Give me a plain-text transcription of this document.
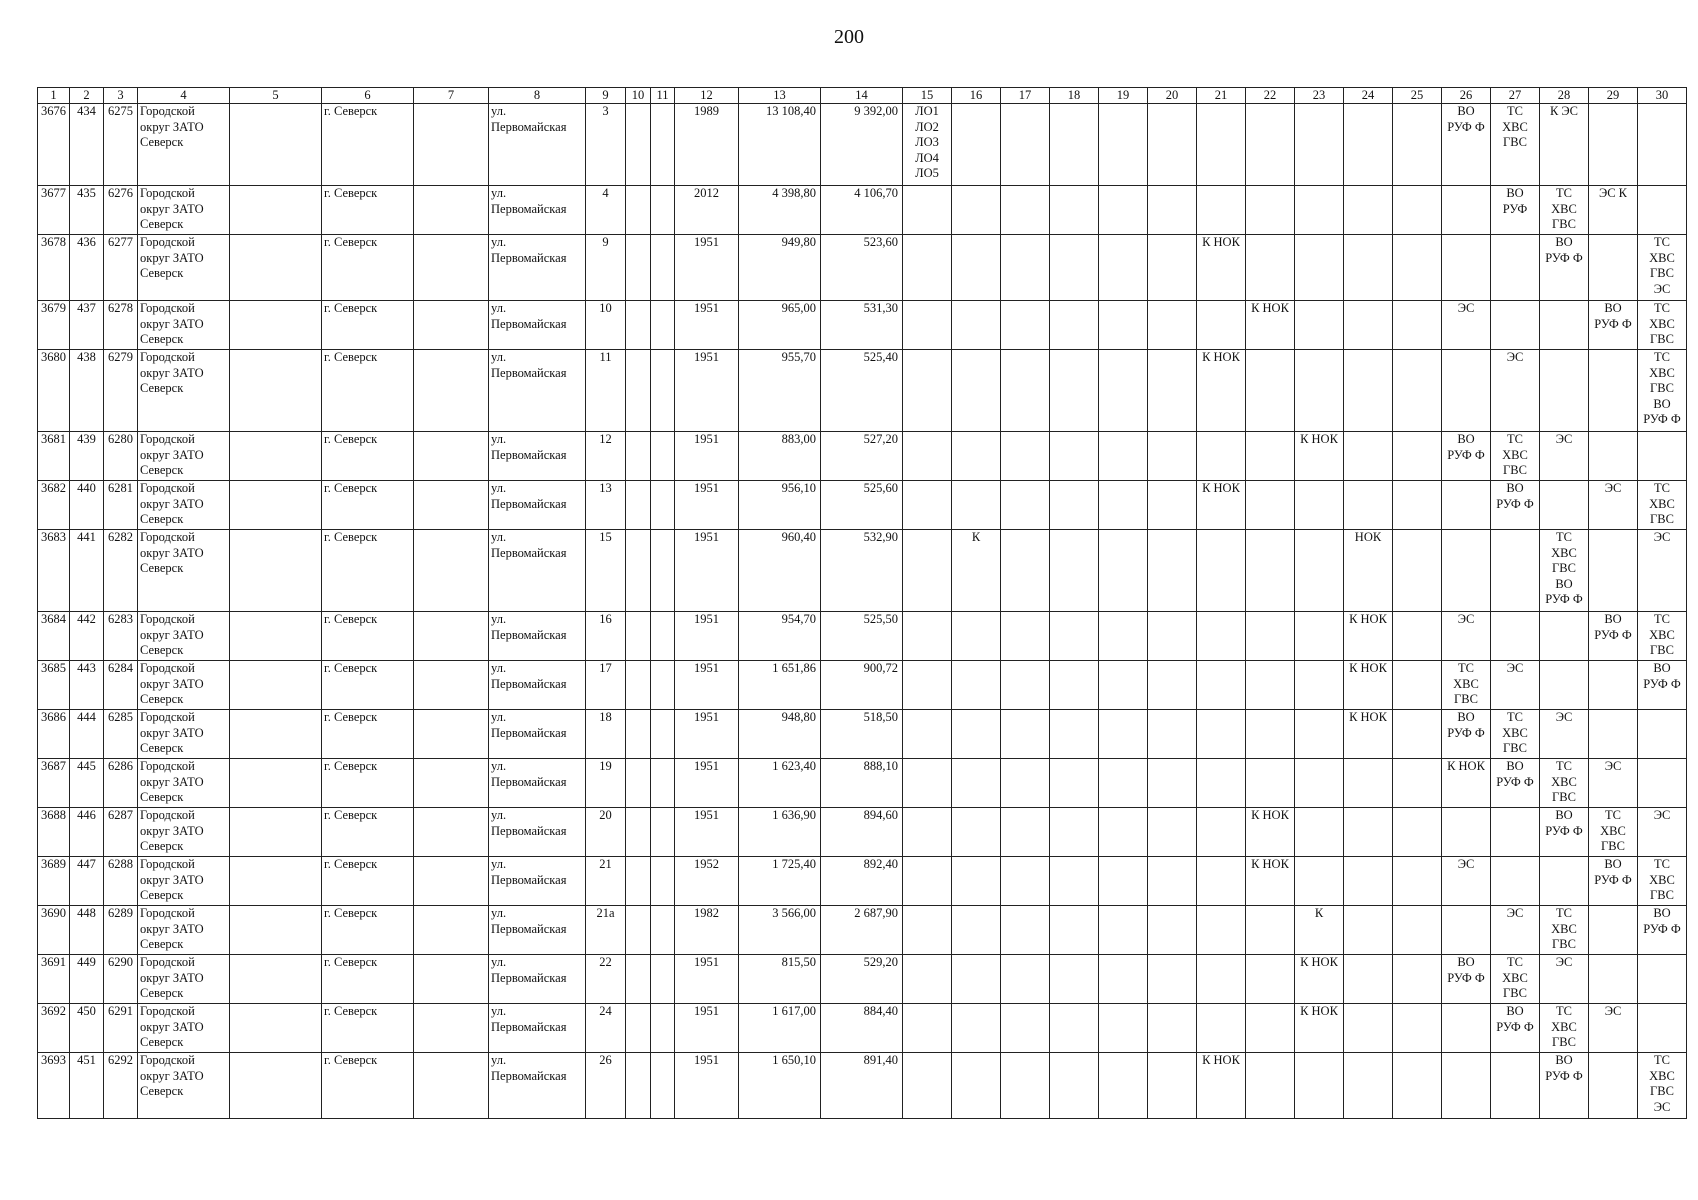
200
1	2	3	4	5	6	7	8	9	10	11	12	13	14	15	16	17	18	19	20	21	22	23	24	25	26	27	28	29	30
3676	434	6275	Городской
округ ЗАТО
Северск		г. Северск		ул.
Первомайская	3			1989	13 108,40	9 392,00	ЛО1
ЛО2
ЛО3
ЛО4
ЛО5											ВО
РУФ Ф	ТС
ХВС
ГВС	К ЭС		
3677	435	6276	Городской
округ ЗАТО
Северск		г. Северск		ул.
Первомайская	4			2012	4 398,80	4 106,70													ВО
РУФ	ТС
ХВС
ГВС	ЭС К	
3678	436	6277	Городской
округ ЗАТО
Северск		г. Северск		ул.
Первомайская	9			1951	949,80	523,60							К НОК							ВО
РУФ Ф		ТС
ХВС
ГВС
ЭС
3679	437	6278	Городской
округ ЗАТО
Северск		г. Северск		ул.
Первомайская	10			1951	965,00	531,30								К НОК				ЭС			ВО
РУФ Ф	ТС
ХВС
ГВС
3680	438	6279	Городской
округ ЗАТО
Северск		г. Северск		ул.
Первомайская	11			1951	955,70	525,40							К НОК						ЭС			ТС
ХВС
ГВС
ВО
РУФ Ф
3681	439	6280	Городской
округ ЗАТО
Северск		г. Северск		ул.
Первомайская	12			1951	883,00	527,20									К НОК			ВО
РУФ Ф	ТС
ХВС
ГВС	ЭС		
3682	440	6281	Городской
округ ЗАТО
Северск		г. Северск		ул.
Первомайская	13			1951	956,10	525,60							К НОК						ВО
РУФ Ф		ЭС	ТС
ХВС
ГВС
3683	441	6282	Городской
округ ЗАТО
Северск		г. Северск		ул.
Первомайская	15			1951	960,40	532,90		К								НОК				ТС
ХВС
ГВС
ВО
РУФ Ф		ЭС
3684	442	6283	Городской
округ ЗАТО
Северск		г. Северск		ул.
Первомайская	16			1951	954,70	525,50										К НОК		ЭС			ВО
РУФ Ф	ТС
ХВС
ГВС
3685	443	6284	Городской
округ ЗАТО
Северск		г. Северск		ул.
Первомайская	17			1951	1 651,86	900,72										К НОК		ТС
ХВС
ГВС	ЭС			ВО
РУФ Ф
3686	444	6285	Городской
округ ЗАТО
Северск		г. Северск		ул.
Первомайская	18			1951	948,80	518,50										К НОК		ВО
РУФ Ф	ТС
ХВС
ГВС	ЭС		
3687	445	6286	Городской
округ ЗАТО
Северск		г. Северск		ул.
Первомайская	19			1951	1 623,40	888,10												К НОК	ВО
РУФ Ф	ТС
ХВС
ГВС	ЭС	
3688	446	6287	Городской
округ ЗАТО
Северск		г. Северск		ул.
Первомайская	20			1951	1 636,90	894,60								К НОК						ВО
РУФ Ф	ТС
ХВС
ГВС	ЭС
3689	447	6288	Городской
округ ЗАТО
Северск		г. Северск		ул.
Первомайская	21			1952	1 725,40	892,40								К НОК				ЭС			ВО
РУФ Ф	ТС
ХВС
ГВС
3690	448	6289	Городской
округ ЗАТО
Северск		г. Северск		ул.
Первомайская	21а			1982	3 566,00	2 687,90									К				ЭС	ТС
ХВС
ГВС		ВО
РУФ Ф
3691	449	6290	Городской
округ ЗАТО
Северск		г. Северск		ул.
Первомайская	22			1951	815,50	529,20									К НОК			ВО
РУФ Ф	ТС
ХВС
ГВС	ЭС		
3692	450	6291	Городской
округ ЗАТО
Северск		г. Северск		ул.
Первомайская	24			1951	1 617,00	884,40									К НОК				ВО
РУФ Ф	ТС
ХВС
ГВС	ЭС	
3693	451	6292	Городской
округ ЗАТО
Северск		г. Северск		ул.
Первомайская	26			1951	1 650,10	891,40							К НОК							ВО
РУФ Ф		ТС
ХВС
ГВС
ЭС
